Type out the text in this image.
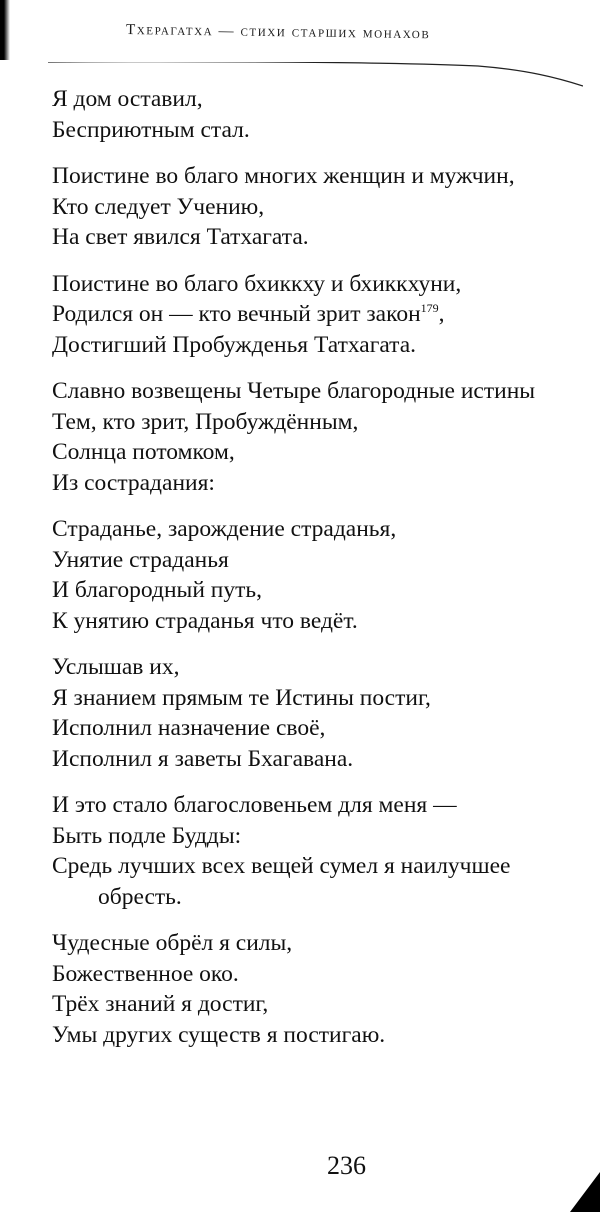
Тхерагатха — стихи старших монахов
Я дом оставил,
Бесприютным стал.
Поистине во благо многих женщин и мужчин,
Кто следует Учению,
На свет явился Татхагата.
Поистине во благо бхиккху и бхиккхуни,
Родился он — кто вечный зрит закон$^{179}$,
Достигший Пробужденья Татхагата.
Славно возвещены Четыре благородные истины
Тем, кто зрит, Пробуждённым,
Солнца потомком,
Из сострадания:
Страданье, зарождение страданья,
Унятие страданья
И благородный путь,
К унятию страданья что ведёт.
Услышав их,
Я знанием прямым те Истины постиг,
Исполнил назначение своё,
Исполнил я заветы Бхагавана.
И это стало благословеньем для меня —
Быть подле Будды:
Средь лучших всех вещей сумел я наилучшее
обресть.
Чудесные обрёл я силы,
Божественное око.
Трёх знаний я достиг,
Умы других существ я постигаю.
236
